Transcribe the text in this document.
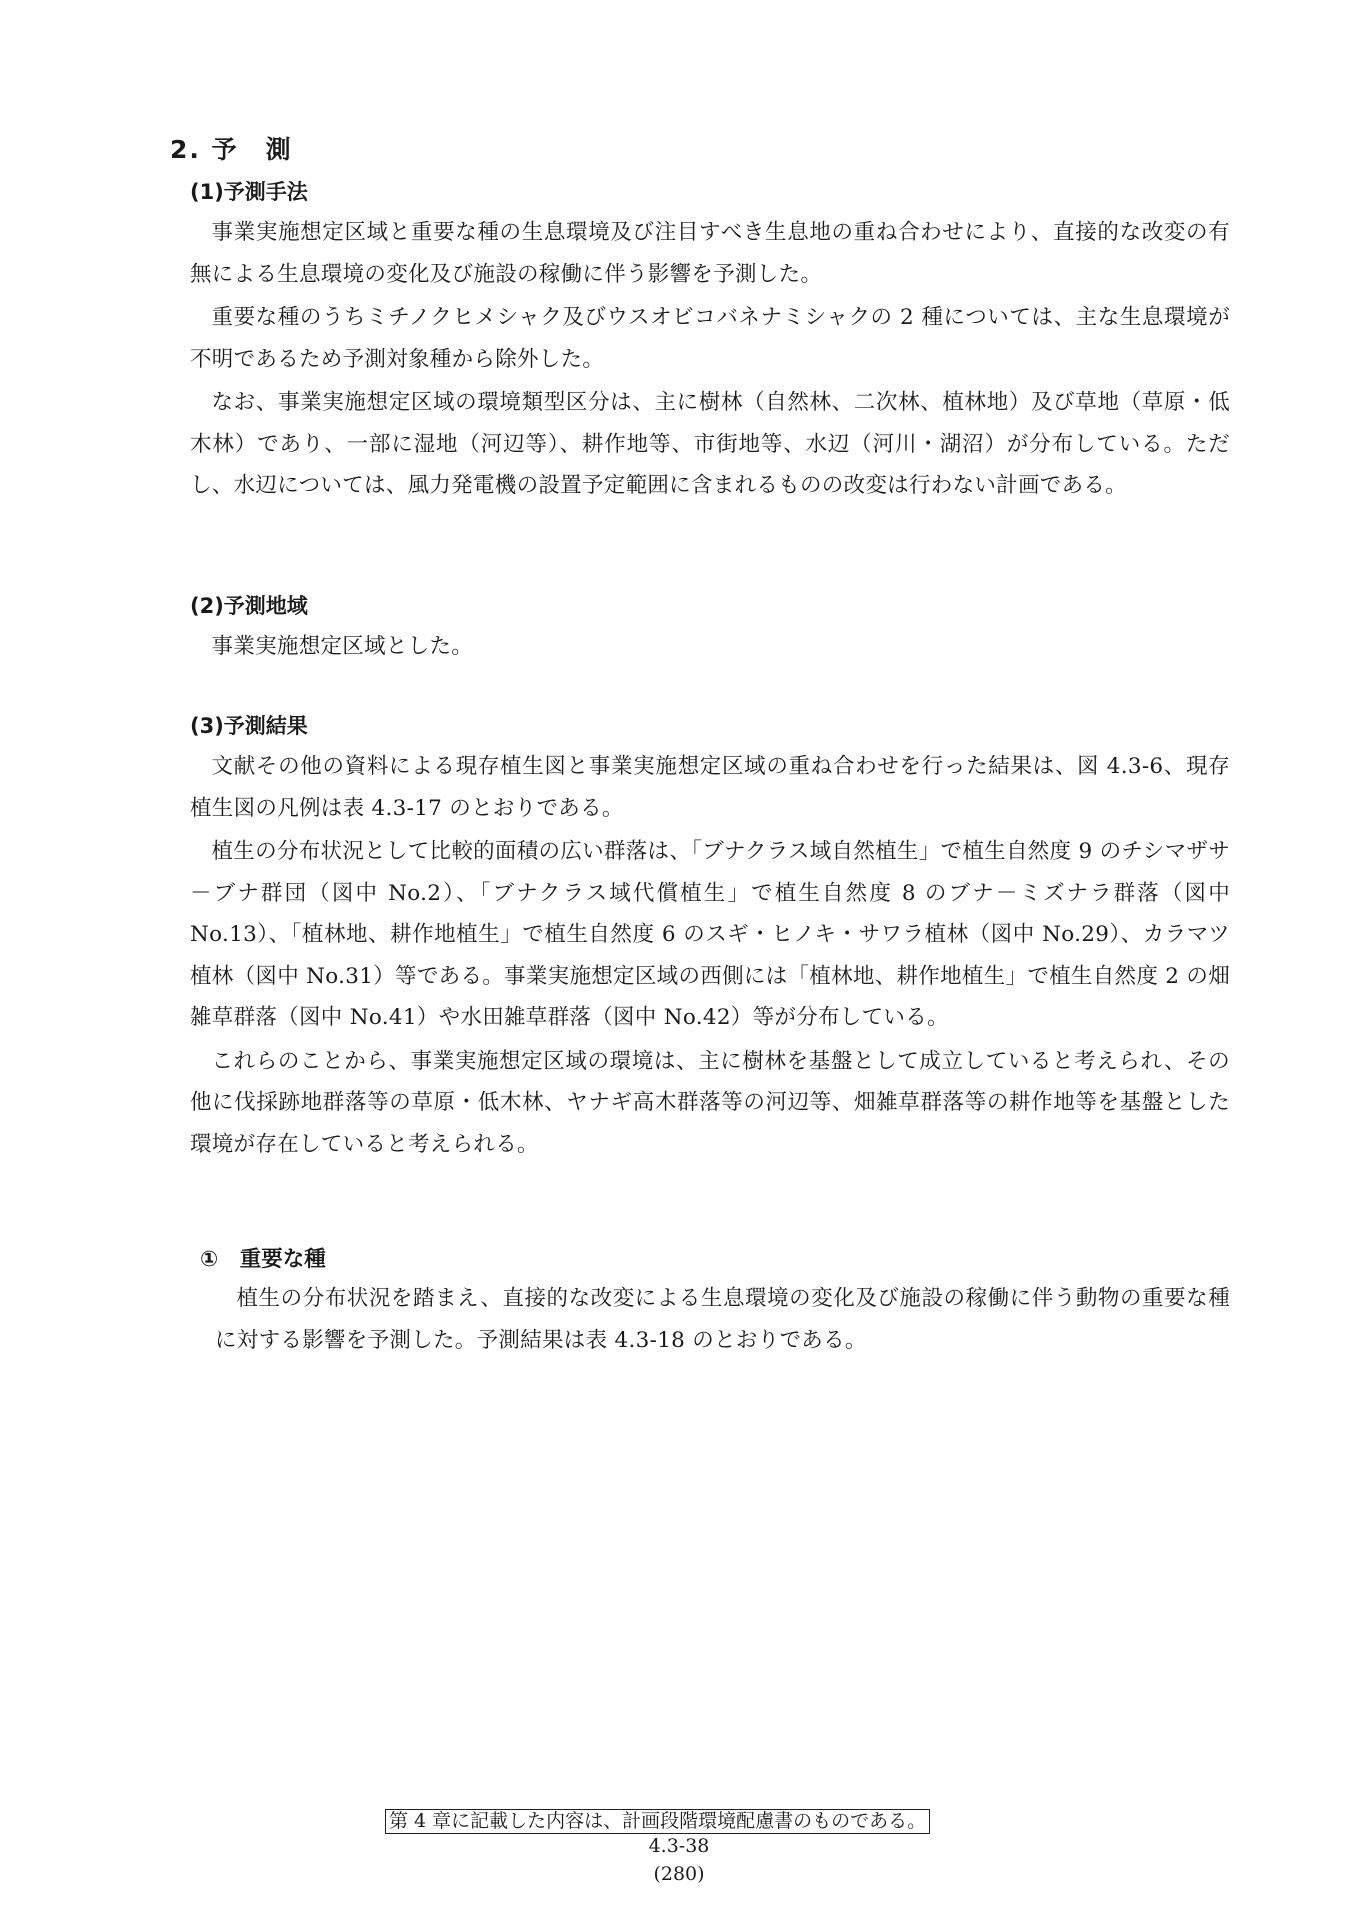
2. 予　測
(1)予測手法

事業実施想定区域と重要な種の生息環境及び注目すべき生息地の重ね合わせにより、直接的な改変の有無による生息環境の変化及び施設の稼働に伴う影響を予測した。

重要な種のうちミチノクヒメシャク及びウスオビコバネナミシャクの 2 種については、主な生息環境が不明であるため予測対象種から除外した。

なお、事業実施想定区域の環境類型区分は、主に樹林（自然林、二次林、植林地）及び草地（草原・低木林）であり、一部に湿地（河辺等）、耕作地等、市街地等、水辺（河川・湖沼）が分布している。ただし、水辺については、風力発電機の設置予定範囲に含まれるものの改変は行わない計画である。

(2)予測地域

事業実施想定区域とした。

(3)予測結果

文献その他の資料による現存植生図と事業実施想定区域の重ね合わせを行った結果は、図 4.3-6、現存植生図の凡例は表 4.3-17 のとおりである。

植生の分布状況として比較的面積の広い群落は、「ブナクラス域自然植生」で植生自然度 9 のチシマザサ－ブナ群団（図中 No.2）、「ブナクラス域代償植生」で植生自然度 8 のブナ－ミズナラ群落（図中 No.13）、「植林地、耕作地植生」で植生自然度 6 のスギ・ヒノキ・サワラ植林（図中 No.29）、カラマツ植林（図中 No.31）等である。事業実施想定区域の西側には「植林地、耕作地植生」で植生自然度 2 の畑雑草群落（図中 No.41）や水田雑草群落（図中 No.42）等が分布している。

これらのことから、事業実施想定区域の環境は、主に樹林を基盤として成立していると考えられ、その他に伐採跡地群落等の草原・低木林、ヤナギ高木群落等の河辺等、畑雑草群落等の耕作地等を基盤とした環境が存在していると考えられる。

①　重要な種

植生の分布状況を踏まえ、直接的な改変による生息環境の変化及び施設の稼働に伴う動物の重要な種に対する影響を予測した。予測結果は表 4.3-18 のとおりである。

第 4 章に記載した内容は、計画段階環境配慮書のものである。
4.3-38
(280)
